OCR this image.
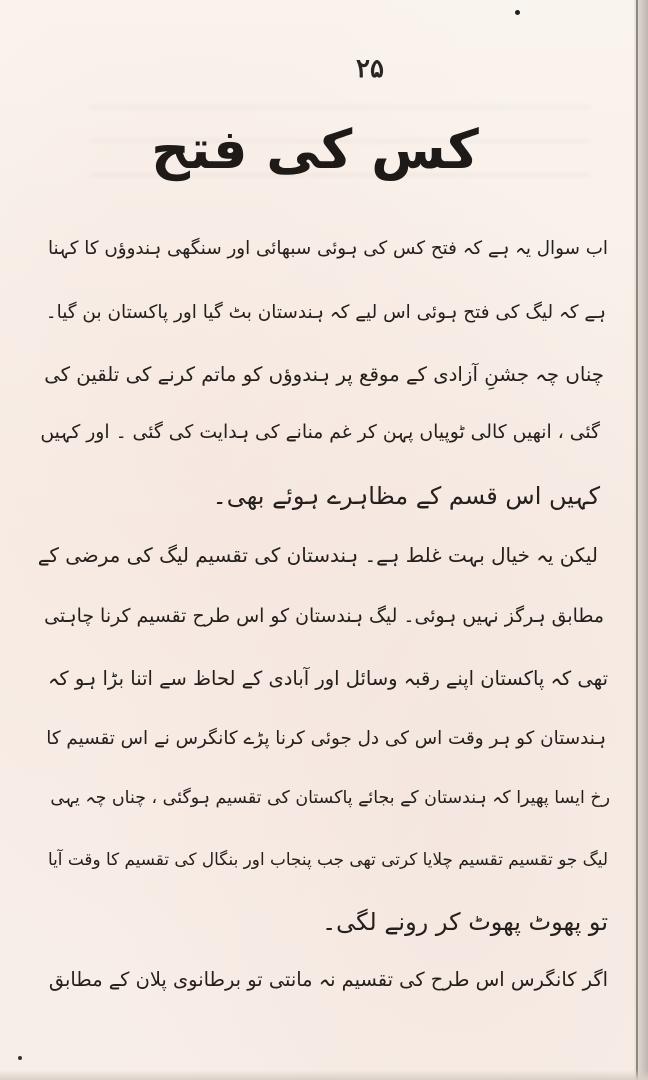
۲۵
کس کی فتح
اب سوال یہ ہے کہ فتح کس کی ہوئی سبھائی اور سنگھی ہندوؤں کا کہنا
ہے کہ لیگ کی فتح ہوئی اس لیے کہ ہندستان بٹ گیا اور پاکستان بن گیا۔
چناں چہ جشنِ آزادی کے موقع پر ہندوؤں کو ماتم کرنے کی تلقین کی
گئی ، انھیں کالی ٹوپیاں پہن کر غم منانے کی ہدایت کی گئی ۔ اور کہیں
کہیں اس قسم کے مظاہرے ہوئے بھی۔
لیکن یہ خیال بہت غلط ہے۔ ہندستان کی تقسیم لیگ کی مرضی کے
مطابق ہرگز نہیں ہوئی۔ لیگ ہندستان کو اس طرح تقسیم کرنا چاہتی
تھی کہ پاکستان اپنے رقبہ وسائل اور آبادی کے لحاظ سے اتنا بڑا ہو کہ
ہندستان کو ہر وقت اس کی دل جوئی کرنا پڑے کانگرس نے اس تقسیم کا
رخ ایسا پھیرا کہ ہندستان کے بجائے پاکستان کی تقسیم ہوگئی ، چناں چہ یہی
لیگ جو تقسیم تقسیم چلایا کرتی تھی جب پنجاب اور بنگال کی تقسیم کا وقت آیا
تو پھوٹ پھوٹ کر رونے لگی۔
اگر کانگرس اس طرح کی تقسیم نہ مانتی تو برطانوی پلان کے مطابق
